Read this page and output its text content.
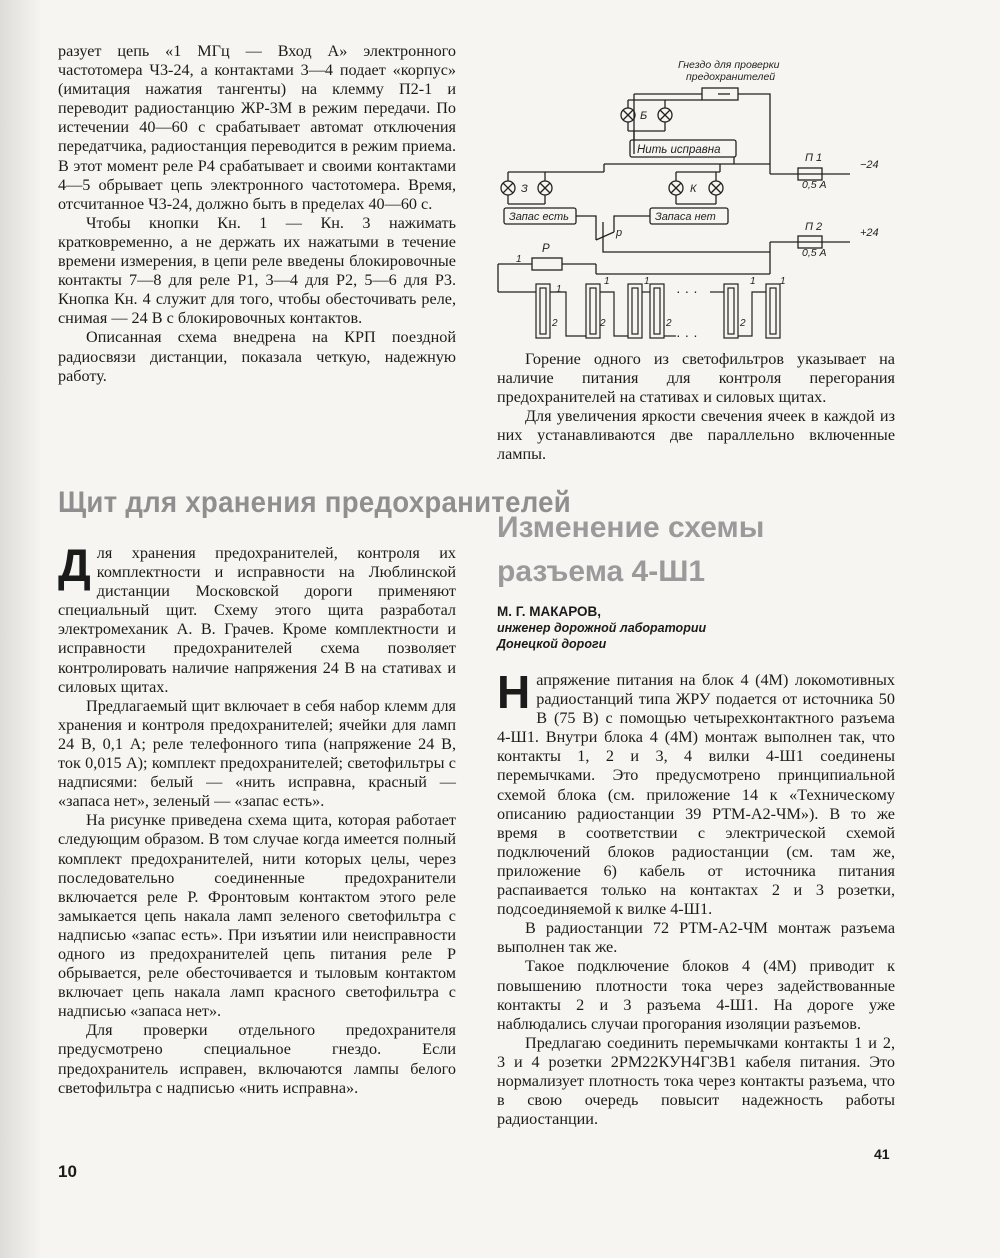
разует цепь «1 МГц — Вход А» электронного частотомера Ч3-24, а контактами 3—4 подает «корпус» (имитация нажатия тангенты) на клемму П2-1 и переводит радиостанцию ЖР-3М в режим передачи. По истечении 40—60 с срабатывает автомат отключения передатчика, радиостанция переводится в режим приема. В этот момент реле Р4 срабатывает и своими контактами 4—5 обрывает цепь электронного частотомера. Время, отсчитанное Ч3-24, должно быть в пределах 40—60 с.

Чтобы кнопки Кн. 1 — Кн. 3 нажимать кратковременно, а не держать их нажатыми в течение времени измерения, в цепи реле введены блокировочные контакты 7—8 для реле Р1, 3—4 для Р2, 5—6 для Р3. Кнопка Кн. 4 служит для того, чтобы обесточивать реле, снимая — 24 В с блокировочных контактов.

Описанная схема внедрена на КРП поездной радиосвязи дистанции, показала четкую, надежную работу.

Щит для хранения предохранителей

Для хранения предохранителей, контроля их комплектности и исправности на Люблинской дистанции Московской дороги применяют специальный щит. Схему этого щита разработал электромеханик А. В. Грачев. Кроме комплектности и исправности предохранителей схема позволяет контролировать наличие напряжения 24 В на стативах и силовых щитах.

Предлагаемый щит включает в себя набор клемм для хранения и контроля предохранителей; ячейки для ламп 24 В, 0,1 А; реле телефонного типа (напряжение 24 В, ток 0,015 А); комплект предохранителей; светофильтры с надписями: белый — «нить исправна, красный — «запаса нет», зеленый — «запас есть».

На рисунке приведена схема щита, которая работает следующим образом. В том случае когда имеется полный комплект предохранителей, нити которых целы, через последовательно соединенные предохранители включается реле Р. Фронтовым контактом этого реле замыкается цепь накала ламп зеленого светофильтра с надписью «запас есть». При изъятии или неисправности одного из предохранителей цепь питания реле Р обрывается, реле обесточивается и тыловым контактом включает цепь накала ламп красного светофильтра с надписью «запаса нет».

Для проверки отдельного предохранителя предусмотрено специальное гнездо. Если предохранитель исправен, включаются лампы белого светофильтра с надписью «нить исправна».

Гнездо для проверки
предохранителей
Б
Нить исправна
П 1
0,5 А
−24
З	К
Запас есть	Запаса нет
р	П 2
0,5 А
+24
Р
1
1
2
1
2
1
2
1
2
1
· · ·
· · ·

Горение одного из светофильтров указывает на наличие питания для контроля перегорания предохранителей на стативах и силовых щитах.

Для увеличения яркости свечения ячеек в каждой из них устанавливаются две параллельно включенные лампы.

Изменение схемы
разъема 4-Ш1
М. Г. МАКАРОВ,
инженер дорожной лаборатории
Донецкой дороги

Напряжение питания на блок 4 (4М) локомотивных радиостанций типа ЖРУ подается от источника 50 В (75 В) с помощью четырехконтактного разъема 4-Ш1. Внутри блока 4 (4М) монтаж выполнен так, что контакты 1, 2 и 3, 4 вилки 4-Ш1 соединены перемычками. Это предусмотрено принципиальной схемой блока (см. приложение 14 к «Техническому описанию радиостанции 39 РТМ-А2-ЧМ»). В то же время в соответствии с электрической схемой подключений блоков радиостанции (см. там же, приложение 6) кабель от источника питания распаивается только на контактах 2 и 3 розетки, подсоединяемой к вилке 4-Ш1.

В радиостанции 72 РТМ-А2-ЧМ монтаж разъема выполнен так же.

Такое подключение блоков 4 (4М) приводит к повышению плотности тока через задействованные контакты 2 и 3 разъема 4-Ш1. На дороге уже наблюдались случаи прогорания изоляции разъемов.

Предлагаю соединить перемычками контакты 1 и 2, 3 и 4 розетки 2РМ22КУН4Г3В1 кабеля питания. Это нормализует плотность тока через контакты разъема, что в свою очередь повысит надежность работы радиостанции.

10
41
